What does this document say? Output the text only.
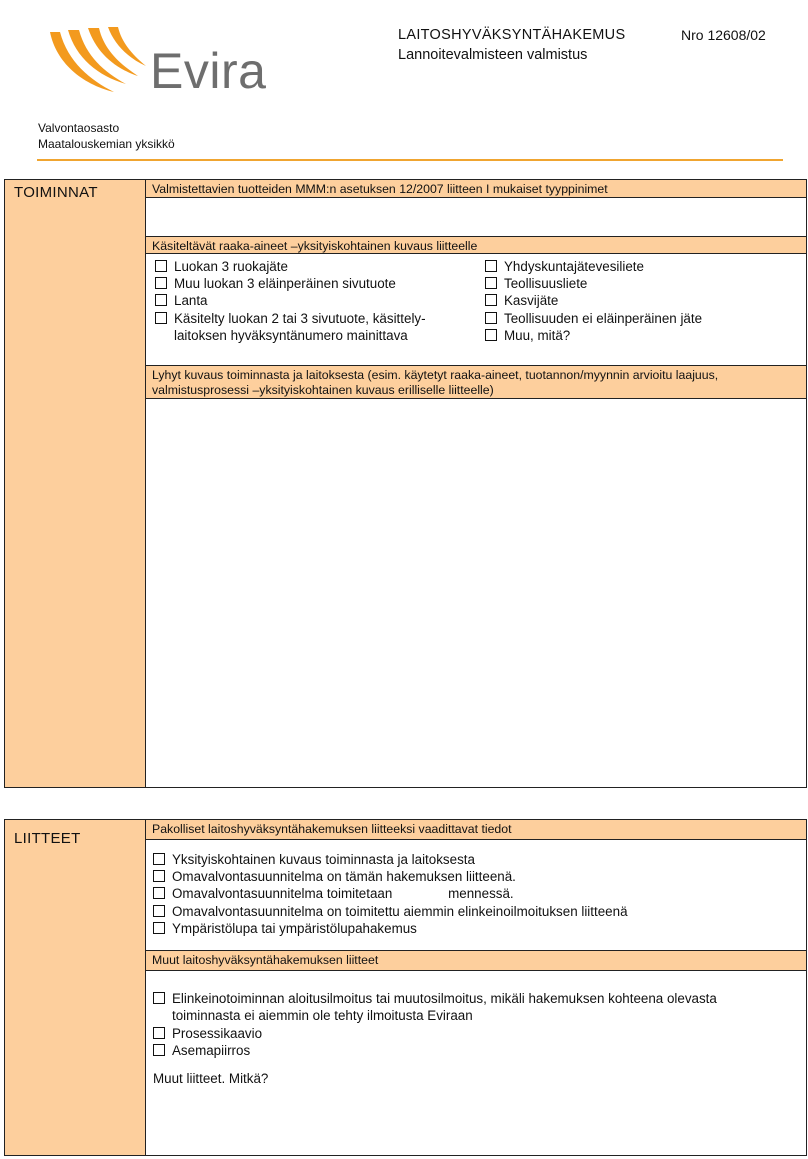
Evira
LAITOSHYVÄKSYNTÄHAKEMUS
Lannoitevalmisteen valmistus
Nro 12608/02
Valvontaosasto
Maatalouskemian yksikkö
TOIMINNAT	Valmistettavien tuotteiden MMM:n asetuksen 12/2007 liitteen I mukaiset tyyppinimet
Käsiteltävät raaka-aineet –yksityiskohtainen kuvaus liitteelle
Luokan 3 ruokajäte
Muu luokan 3 eläinperäinen sivutuote
Lanta
Käsitelty luokan 2 tai 3 sivutuote, käsittely-
laitoksen hyväksyntänumero mainittava
Yhdyskuntajätevesiliete
Teollisuusliete
Kasvijäte
Teollisuuden ei eläinperäinen jäte
Muu, mitä?
Lyhyt kuvaus toiminnasta ja laitoksesta (esim. käytetyt raaka-aineet, tuotannon/myynnin arvioitu laajuus,
valmistusprosessi –yksityiskohtainen kuvaus erilliselle liitteelle)
LIITTEET
Pakolliset laitoshyväksyntähakemuksen liitteeksi vaadittavat tiedot
Yksityiskohtainen kuvaus toiminnasta ja laitoksesta
Omavalvontasuunnitelma on tämän hakemuksen liitteenä.
Omavalvontasuunnitelma toimitetaan               mennessä.
Omavalvontasuunnitelma on toimitettu aiemmin elinkeinoilmoituksen liitteenä
Ympäristölupa tai ympäristölupahakemus
Muut laitoshyväksyntähakemuksen liitteet
Elinkeinotoiminnan aloitusilmoitus tai muutosilmoitus, mikäli hakemuksen kohteena olevasta
toiminnasta ei aiemmin ole tehty ilmoitusta Eviraan
Prosessikaavio
Asemapiirros
Muut liitteet. Mitkä?
